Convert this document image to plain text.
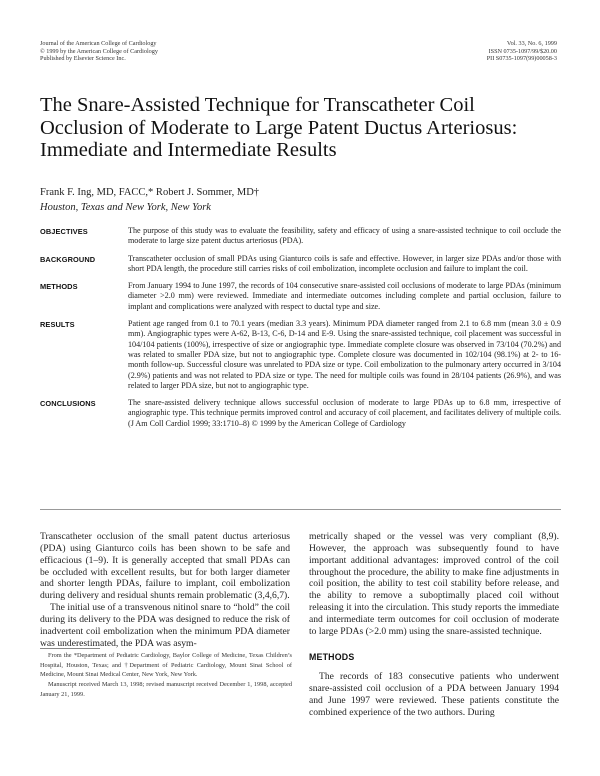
Journal of the American College of Cardiology
© 1999 by the American College of Cardiology
Published by Elsevier Science Inc.
Vol. 33, No. 6, 1999
ISSN 0735-1097/99/$20.00
PII S0735-1097(99)00058-3
The Snare-Assisted Technique for Transcatheter Coil Occlusion of Moderate to Large Patent Ductus Arteriosus: Immediate and Intermediate Results
Frank F. Ing, MD, FACC,* Robert J. Sommer, MD†
Houston, Texas and New York, New York
OBJECTIVES	The purpose of this study was to evaluate the feasibility, safety and efficacy of using a snare-assisted technique to coil occlude the moderate to large size patent ductus arteriosus (PDA).
BACKGROUND	Transcatheter occlusion of small PDAs using Gianturco coils is safe and effective. However, in larger size PDAs and/or those with short PDA length, the procedure still carries risks of coil embolization, incomplete occlusion and failure to implant the coil.
METHODS	From January 1994 to June 1997, the records of 104 consecutive snare-assisted coil occlusions of moderate to large PDAs (minimum diameter >2.0 mm) were reviewed. Immediate and intermediate outcomes including complete and partial occlusion, failure to implant and complications were analyzed with respect to ductal type and size.
RESULTS	Patient age ranged from 0.1 to 70.1 years (median 3.3 years). Minimum PDA diameter ranged from 2.1 to 6.8 mm (mean 3.0 ± 0.9 mm). Angiographic types were A-62, B-13, C-6, D-14 and E-9. Using the snare-assisted technique, coil placement was successful in 104/104 patients (100%), irrespective of size or angiographic type. Immediate complete closure was observed in 73/104 (70.2%) and was related to smaller PDA size, but not to angiographic type. Complete closure was documented in 102/104 (98.1%) at 2- to 16-month follow-up. Successful closure was unrelated to PDA size or type. Coil embolization to the pulmonary artery occurred in 3/104 (2.9%) patients and was not related to PDA size or type. The need for multiple coils was found in 28/104 patients (26.9%), and was related to larger PDA size, but not to angiographic type.
CONCLUSIONS	The snare-assisted delivery technique allows successful occlusion of moderate to large PDAs up to 6.8 mm, irrespective of angiographic type. This technique permits improved control and accuracy of coil placement, and facilitates delivery of multiple coils. (J Am Coll Cardiol 1999; 33:1710–8) © 1999 by the American College of Cardiology

Transcatheter occlusion of the small patent ductus arteriosus (PDA) using Gianturco coils has been shown to be safe and efficacious (1–9). It is generally accepted that small PDAs can be occluded with excellent results, but for both larger diameter and shorter length PDAs, failure to implant, coil embolization during delivery and residual shunts remain problematic (3,4,6,7).

The initial use of a transvenous nitinol snare to “hold” the coil during its delivery to the PDA was designed to reduce the risk of inadvertent coil embolization when the minimum PDA diameter was underestimated, the PDA was asym-

From the *Department of Pediatric Cardiology, Baylor College of Medicine, Texas Children’s Hospital, Houston, Texas; and †Department of Pediatric Cardiology, Mount Sinai School of Medicine, Mount Sinai Medical Center, New York, New York.

Manuscript received March 13, 1998; revised manuscript received December 1, 1998, accepted January 21, 1999.

metrically shaped or the vessel was very compliant (8,9). However, the approach was subsequently found to have important additional advantages: improved control of the coil throughout the procedure, the ability to make fine adjustments in coil position, the ability to test coil stability before release, and the ability to remove a suboptimally placed coil without releasing it into the circulation. This study reports the immediate and intermediate term outcomes for coil occlusion of moderate to large PDAs (>2.0 mm) using the snare-assisted technique.

METHODS

The records of 183 consecutive patients who underwent snare-assisted coil occlusion of a PDA between January 1994 and June 1997 were reviewed. These patients constitute the combined experience of the two authors. During
